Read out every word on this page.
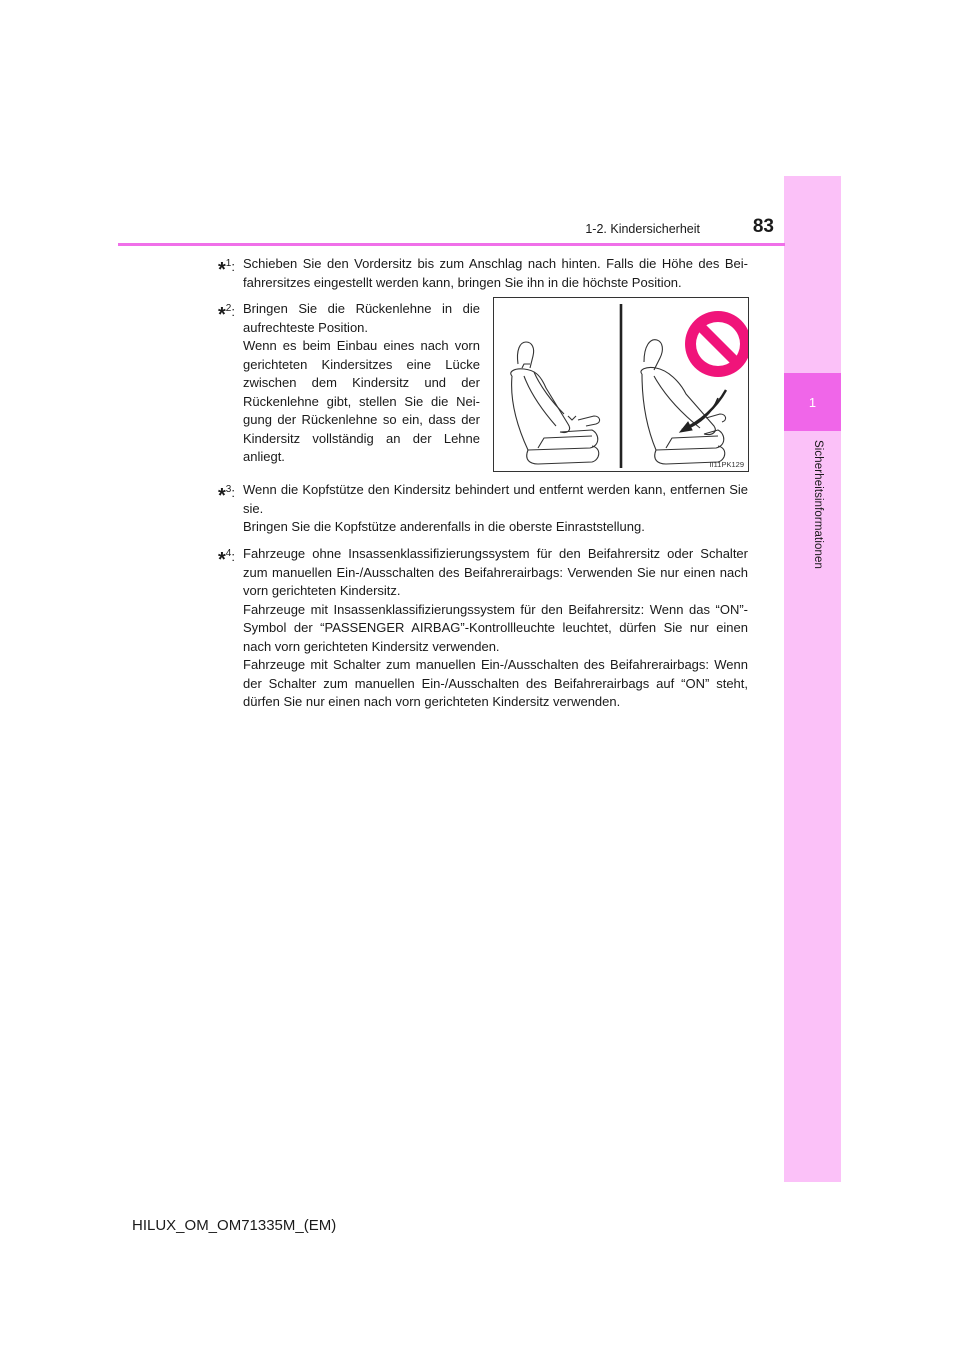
1
Sicherheitsinformationen
1-2. Kindersicherheit	83
*$^1$: Schieben Sie den Vordersitz bis zum Anschlag nach hinten. Falls die Höhe des Beifahrersitzes eingestellt werden kann, bringen Sie ihn in die höchste Position.

*$^2$: Bringen Sie die Rückenlehne in die aufrechteste Position.

Wenn es beim Einbau eines nach vorn gerichteten Kindersitzes eine Lücke zwischen dem Kindersitz und der Rückenlehne gibt, stellen Sie die Neigung der Rückenlehne so ein, dass der Kindersitz vollständig an der Lehne anliegt.

II11PK129
*$^3$: Wenn die Kopfstütze den Kindersitz behindert und entfernt werden kann, entfernen Sie sie.

Bringen Sie die Kopfstütze anderenfalls in die oberste Einraststellung.

*$^4$: Fahrzeuge ohne Insassenklassifizierungssystem für den Beifahrersitz oder Schalter zum manuellen Ein-/Ausschalten des Beifahrerairbags: Verwenden Sie nur einen nach vorn gerichteten Kindersitz.

Fahrzeuge mit Insassenklassifizierungssystem für den Beifahrersitz: Wenn das “ON”-Symbol der “PASSENGER AIRBAG”-Kontrollleuchte leuchtet, dürfen Sie nur einen nach vorn gerichteten Kindersitz verwenden.

Fahrzeuge mit Schalter zum manuellen Ein-/Ausschalten des Beifahrerairbags: Wenn der Schalter zum manuellen Ein-/Ausschalten des Beifahrerairbags auf “ON” steht, dürfen Sie nur einen nach vorn gerichteten Kindersitz verwenden.

HILUX_OM_OM71335M_(EM)
